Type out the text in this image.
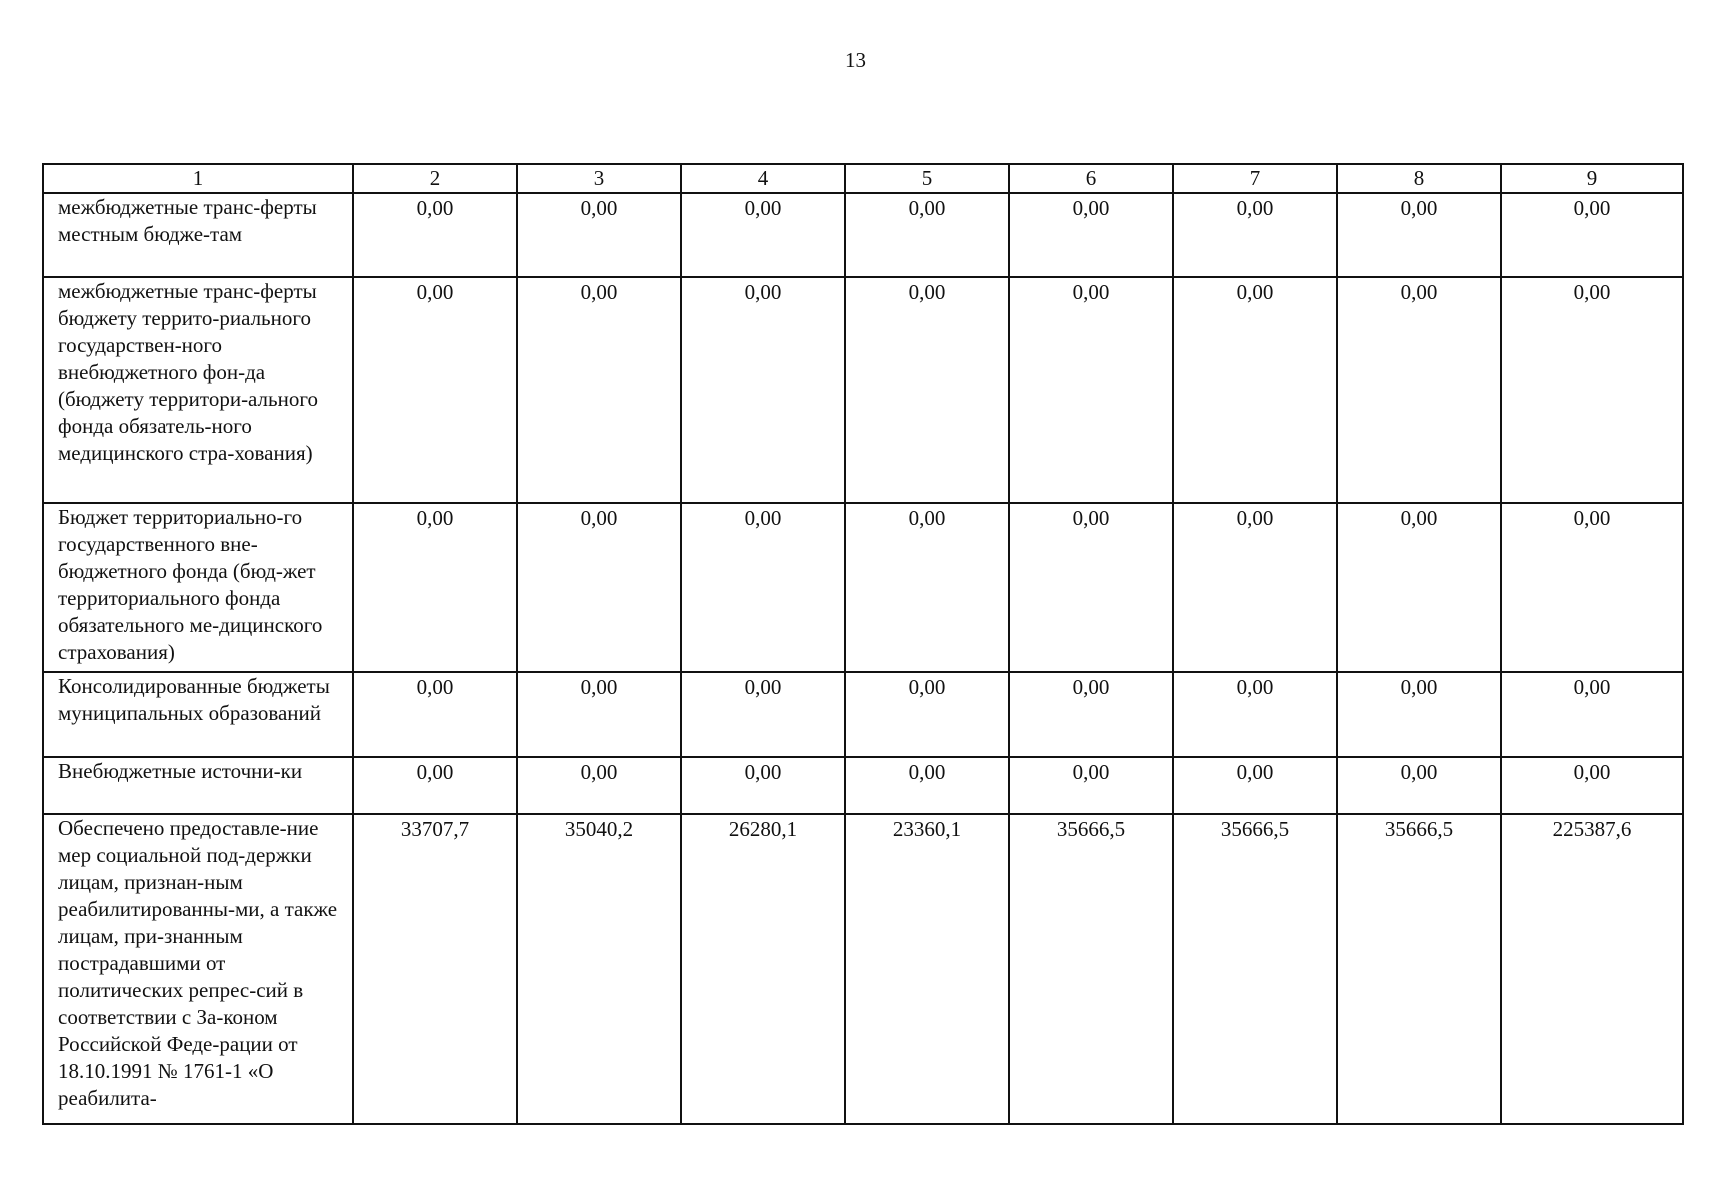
13
1	2	3	4	5	6	7	8	9
межбюджетные транс-ферты местным бюдже-там	0,00	0,00	0,00	0,00	0,00	0,00	0,00	0,00
межбюджетные транс-ферты бюджету террито-риального государствен-ного внебюджетного фон-да (бюджету территори-ального фонда обязатель-ного медицинского стра-хования)	0,00	0,00	0,00	0,00	0,00	0,00	0,00	0,00
Бюджет территориально-го государственного вне-бюджетного фонда (бюд-жет территориального фонда обязательного ме-дицинского страхования)	0,00	0,00	0,00	0,00	0,00	0,00	0,00	0,00
Консолидированные бюджеты муниципальных образований	0,00	0,00	0,00	0,00	0,00	0,00	0,00	0,00
Внебюджетные источни-ки	0,00	0,00	0,00	0,00	0,00	0,00	0,00	0,00
Обеспечено предоставле-ние мер социальной под-держки лицам, признан-ным реабилитированны-ми, а также лицам, при-знанным пострадавшими от политических репрес-сий в соответствии с За-коном Российской Феде-рации от 18.10.1991 № 1761-1 «О реабилита-	33707,7	35040,2	26280,1	23360,1	35666,5	35666,5	35666,5	225387,6
